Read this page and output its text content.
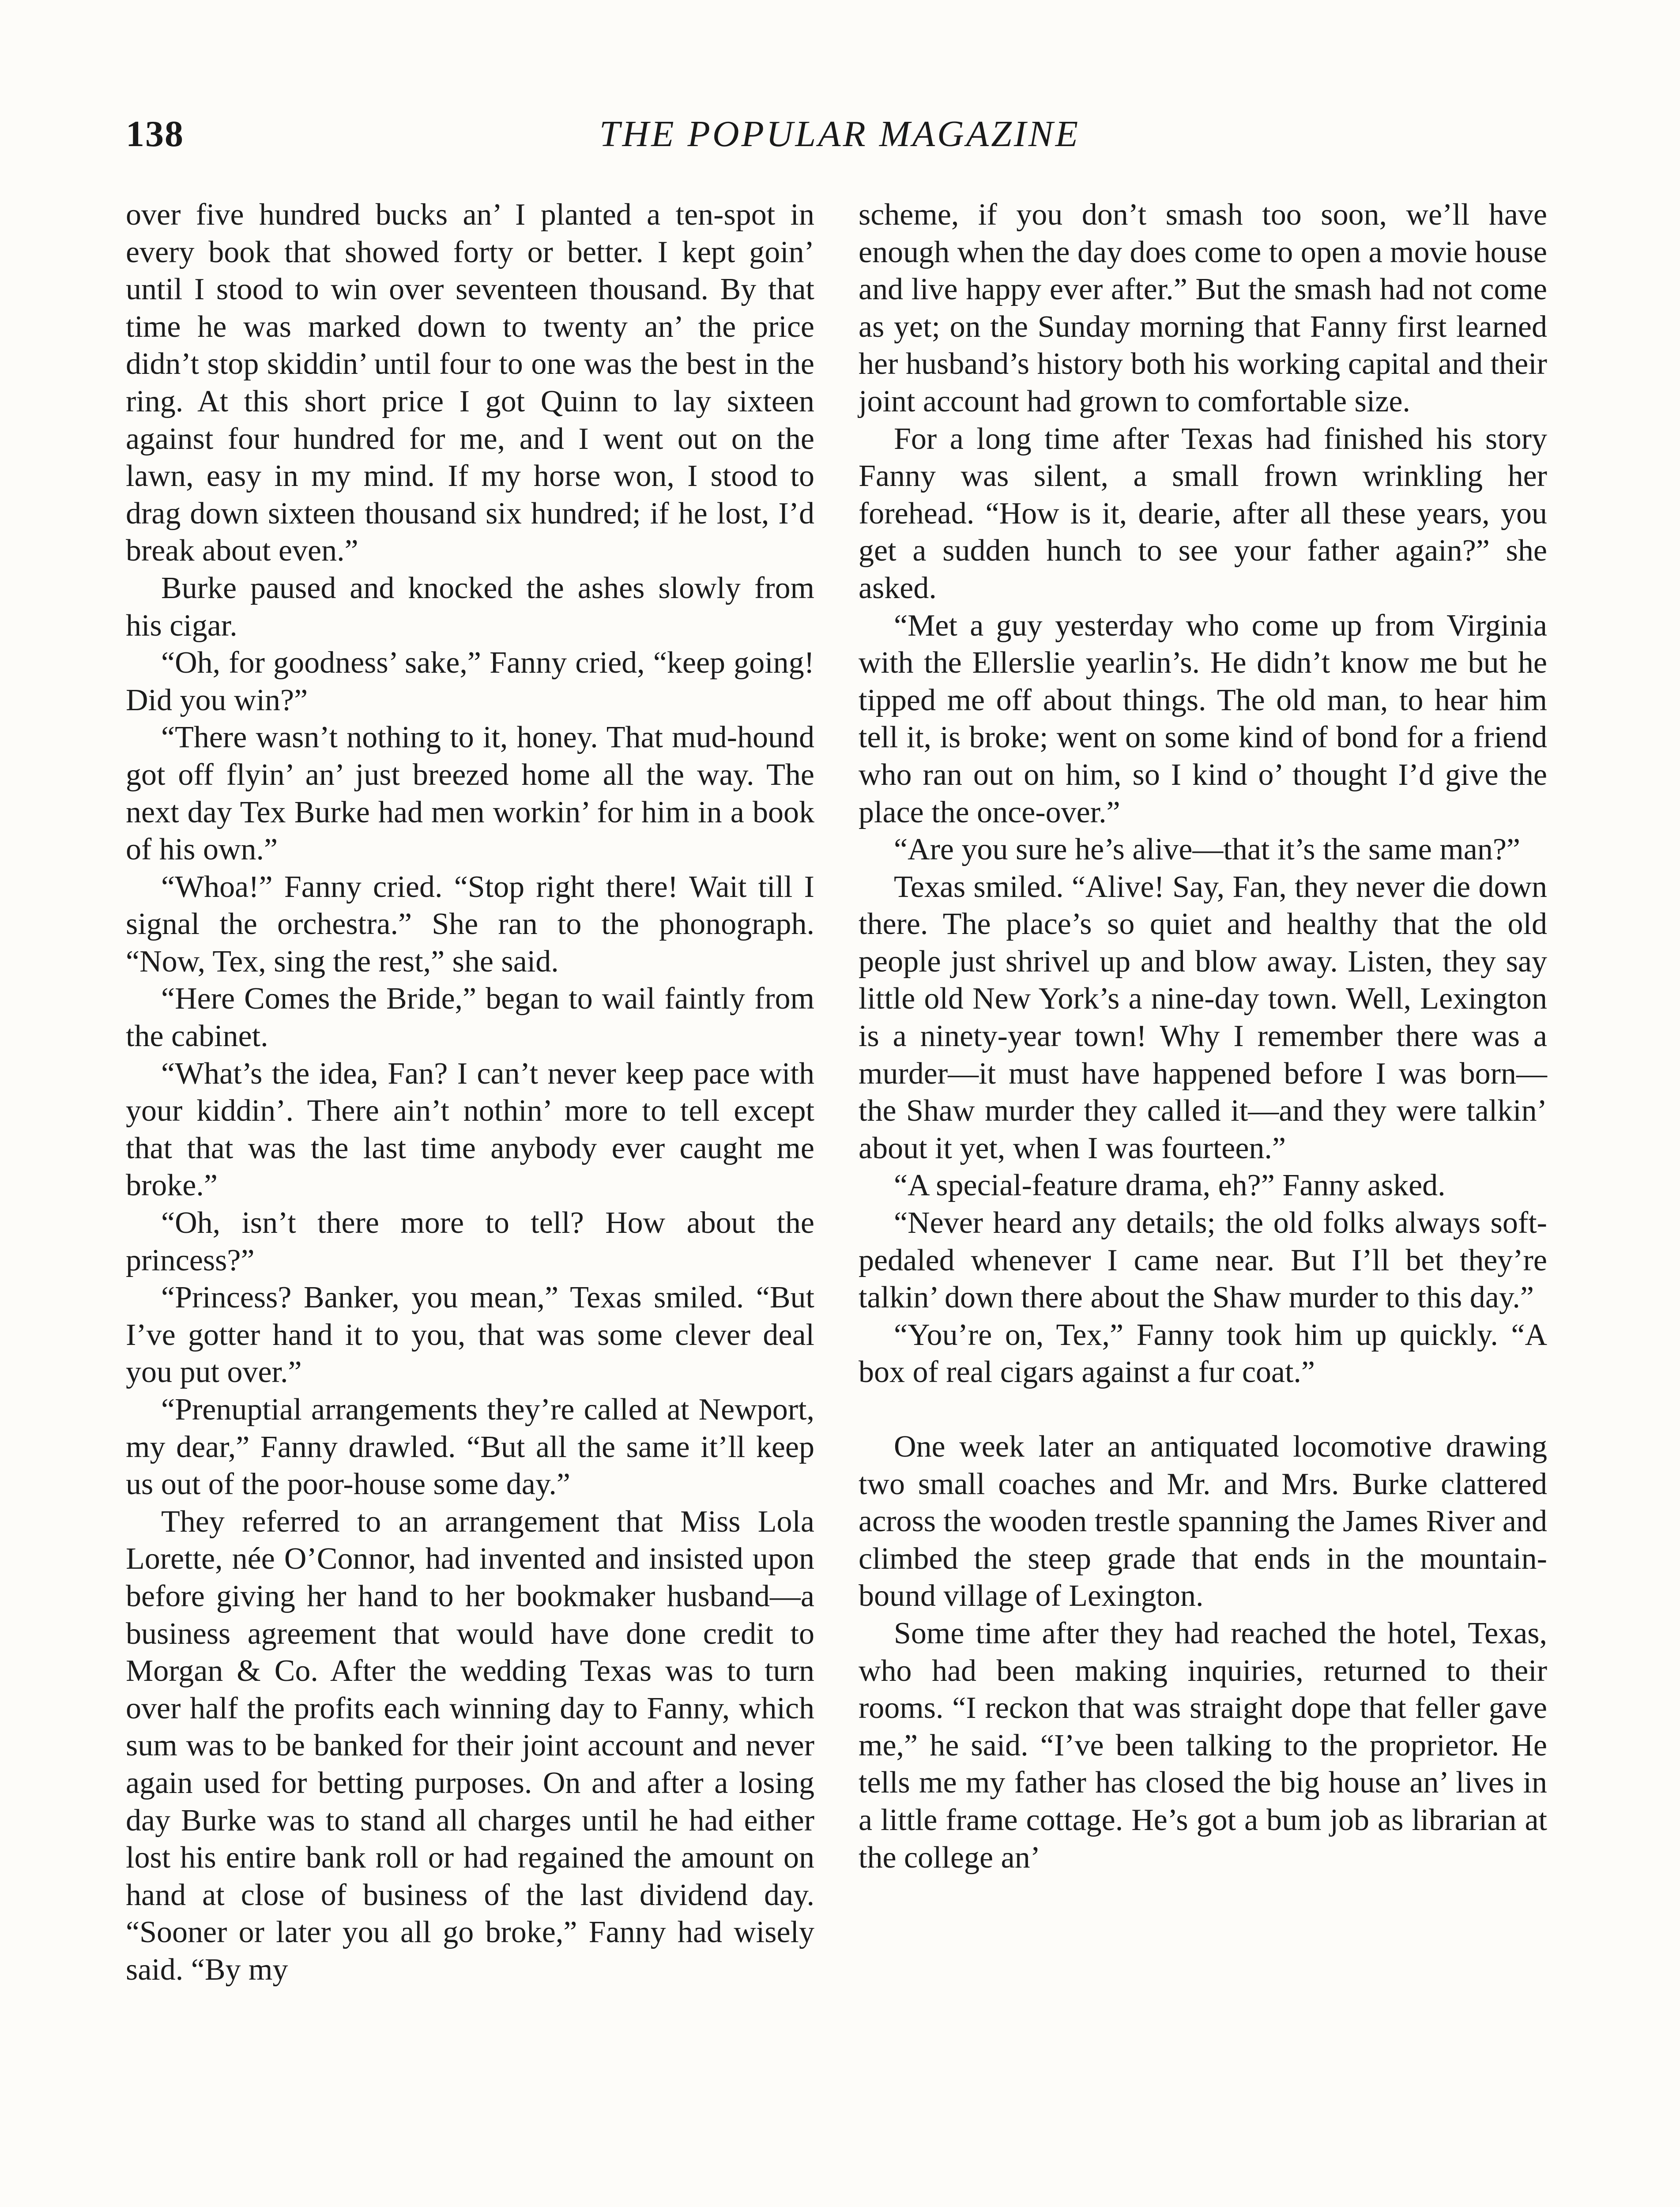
138	THE POPULAR MAGAZINE

over five hundred bucks an’ I planted a ten-spot in every book that showed forty or better. I kept goin’ until I stood to win over seventeen thousand. By that time he was marked down to twenty an’ the price didn’t stop skiddin’ until four to one was the best in the ring. At this short price I got Quinn to lay sixteen against four hundred for me, and I went out on the lawn, easy in my mind. If my horse won, I stood to drag down sixteen thousand six hundred; if he lost, I’d break about even.”

Burke paused and knocked the ashes slowly from his cigar.

“Oh, for goodness’ sake,” Fanny cried, “keep going! Did you win?”

“There wasn’t nothing to it, honey. That mud-hound got off flyin’ an’ just breezed home all the way. The next day Tex Burke had men workin’ for him in a book of his own.”

“Whoa!” Fanny cried. “Stop right there! Wait till I signal the orchestra.” She ran to the phonograph. “Now, Tex, sing the rest,” she said.

“Here Comes the Bride,” began to wail faintly from the cabinet.

“What’s the idea, Fan? I can’t never keep pace with your kiddin’. There ain’t nothin’ more to tell except that that was the last time anybody ever caught me broke.”

“Oh, isn’t there more to tell? How about the princess?”

“Princess? Banker, you mean,” Texas smiled. “But I’ve gotter hand it to you, that was some clever deal you put over.”

“Prenuptial arrangements they’re called at Newport, my dear,” Fanny drawled. “But all the same it’ll keep us out of the poor-house some day.”

They referred to an arrangement that Miss Lola Lorette, née O’Connor, had invented and insisted upon before giving her hand to her bookmaker husband—a business agreement that would have done credit to Morgan & Co. After the wedding Texas was to turn over half the profits each winning day to Fanny, which sum was to be banked for their joint account and never again used for betting purposes. On and after a losing day Burke was to stand all charges until he had either lost his entire bank roll or had regained the amount on hand at close of business of the last dividend day. “Sooner or later you all go broke,” Fanny had wisely said. “By my

scheme, if you don’t smash too soon, we’ll have enough when the day does come to open a movie house and live happy ever after.” But the smash had not come as yet; on the Sunday morning that Fanny first learned her husband’s history both his working capital and their joint account had grown to comfortable size.

For a long time after Texas had finished his story Fanny was silent, a small frown wrinkling her forehead. “How is it, dearie, after all these years, you get a sudden hunch to see your father again?” she asked.

“Met a guy yesterday who come up from Virginia with the Ellerslie yearlin’s. He didn’t know me but he tipped me off about things. The old man, to hear him tell it, is broke; went on some kind of bond for a friend who ran out on him, so I kind o’ thought I’d give the place the once-over.”

“Are you sure he’s alive—that it’s the same man?”

Texas smiled. “Alive! Say, Fan, they never die down there. The place’s so quiet and healthy that the old people just shrivel up and blow away. Listen, they say little old New York’s a nine-day town. Well, Lexington is a ninety-year town! Why I remember there was a murder—it must have happened before I was born—the Shaw murder they called it—and they were talkin’ about it yet, when I was fourteen.”

“A special-feature drama, eh?” Fanny asked.

“Never heard any details; the old folks always soft-pedaled whenever I came near. But I’ll bet they’re talkin’ down there about the Shaw murder to this day.”

“You’re on, Tex,” Fanny took him up quickly. “A box of real cigars against a fur coat.”

One week later an antiquated locomotive drawing two small coaches and Mr. and Mrs. Burke clattered across the wooden trestle spanning the James River and climbed the steep grade that ends in the mountain-bound village of Lexington.

Some time after they had reached the hotel, Texas, who had been making inquiries, returned to their rooms. “I reckon that was straight dope that feller gave me,” he said. “I’ve been talking to the proprietor. He tells me my father has closed the big house an’ lives in a little frame cottage. He’s got a bum job as librarian at the college an’
